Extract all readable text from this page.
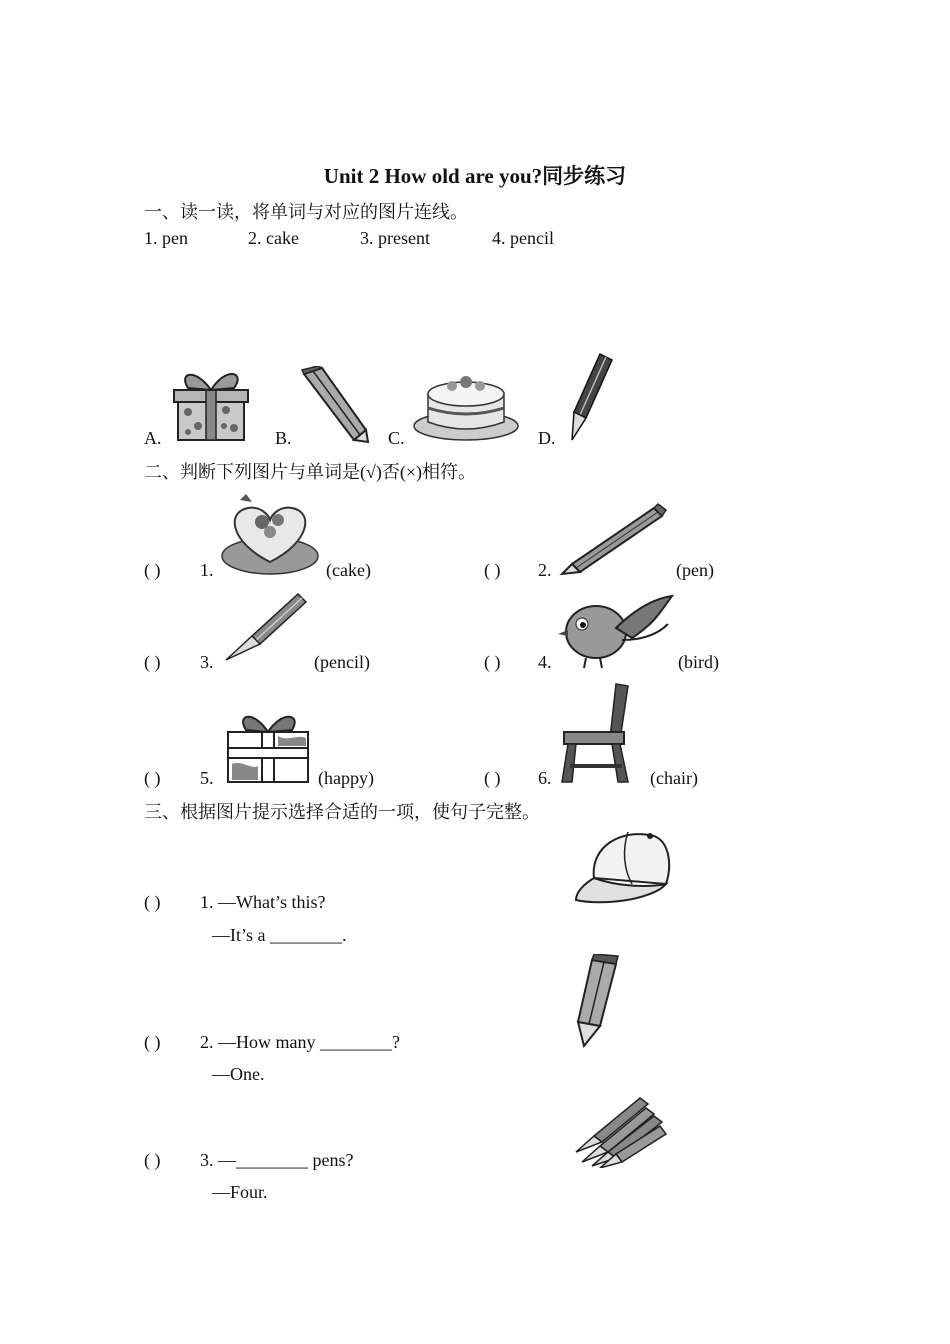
Unit 2 How old are you?同步练习
一、读一读，将单词与对应的图片连线。
1. pen	2. cake	3. present	4. pencil
A.	B.	C.	D.
二、判断下列图片与单词是(√)否(×)相符。
( ) 1.	(cake)	( ) 2.	(pen)
( ) 3.	(pencil)	( ) 4.	(bird)
( ) 5.	(happy)	( ) 6.	(chair)
三、根据图片提示选择合适的一项，使句子完整。
( ) 1. —What’s this?
—It’s a ________.
( ) 2. —How many ________?
—One.
( ) 3. —________ pens?
—Four.
